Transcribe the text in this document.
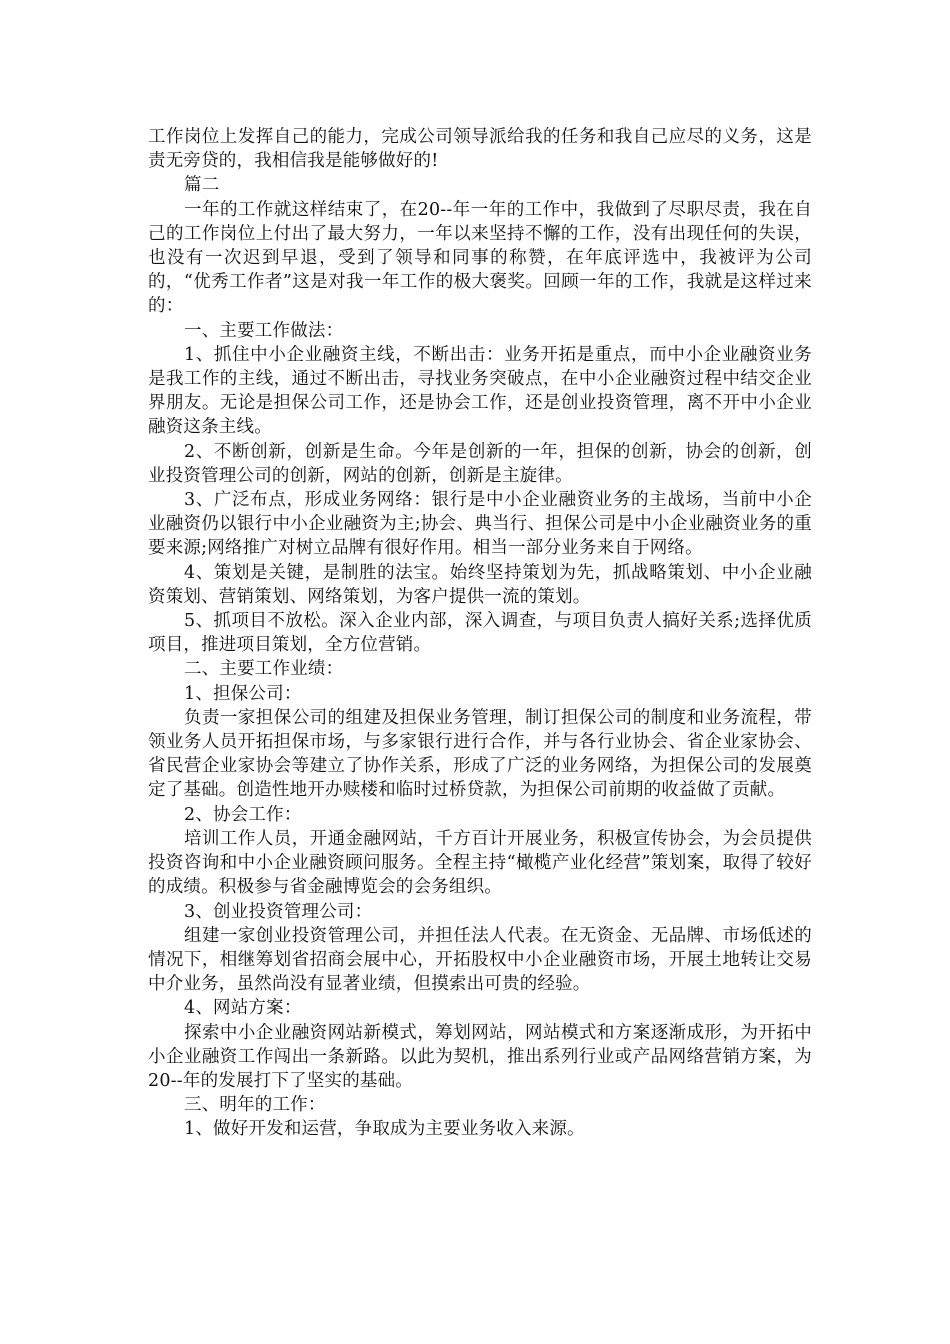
工作岗位上发挥自己的能力，完成公司领导派给我的任务和我自己应尽的义务，这是责无旁贷的，我相信我是能够做好的!

篇二

一年的工作就这样结束了，在20--年一年的工作中，我做到了尽职尽责，我在自己的工作岗位上付出了最大努力，一年以来坚持不懈的工作，没有出现任何的失误，也没有一次迟到早退，受到了领导和同事的称赞，在年底评选中，我被评为公司的，“优秀工作者”这是对我一年工作的极大褒奖。回顾一年的工作，我就是这样过来的：

一、主要工作做法：

1、抓住中小企业融资主线，不断出击：业务开拓是重点，而中小企业融资业务是我工作的主线，通过不断出击，寻找业务突破点，在中小企业融资过程中结交企业界朋友。无论是担保公司工作，还是协会工作，还是创业投资管理，离不开中小企业融资这条主线。

2、不断创新，创新是生命。今年是创新的一年，担保的创新，协会的创新，创业投资管理公司的创新，网站的创新，创新是主旋律。

3、广泛布点，形成业务网络：银行是中小企业融资业务的主战场，当前中小企业融资仍以银行中小企业融资为主;协会、典当行、担保公司是中小企业融资业务的重要来源;网络推广对树立品牌有很好作用。相当一部分业务来自于网络。

4、策划是关键，是制胜的法宝。始终坚持策划为先，抓战略策划、中小企业融资策划、营销策划、网络策划，为客户提供一流的策划。

5、抓项目不放松。深入企业内部，深入调查，与项目负责人搞好关系;选择优质项目，推进项目策划，全方位营销。

二、主要工作业绩：

1、担保公司：

负责一家担保公司的组建及担保业务管理，制订担保公司的制度和业务流程，带领业务人员开拓担保市场，与多家银行进行合作，并与各行业协会、省企业家协会、省民营企业家协会等建立了协作关系，形成了广泛的业务网络，为担保公司的发展奠定了基础。创造性地开办赎楼和临时过桥贷款，为担保公司前期的收益做了贡献。

2、协会工作：

培训工作人员，开通金融网站，千方百计开展业务，积极宣传协会，为会员提供投资咨询和中小企业融资顾问服务。全程主持“橄榄产业化经营”策划案，取得了较好的成绩。积极参与省金融博览会的会务组织。

3、创业投资管理公司：

组建一家创业投资管理公司，并担任法人代表。在无资金、无品牌、市场低述的情况下，相继筹划省招商会展中心，开拓股权中小企业融资市场，开展土地转让交易中介业务，虽然尚没有显著业绩，但摸索出可贵的经验。

4、网站方案：

探索中小企业融资网站新模式，筹划网站，网站模式和方案逐渐成形，为开拓中小企业融资工作闯出一条新路。以此为契机，推出系列行业或产品网络营销方案，为20--年的发展打下了坚实的基础。

三、明年的工作：

1、做好开发和运营，争取成为主要业务收入来源。
